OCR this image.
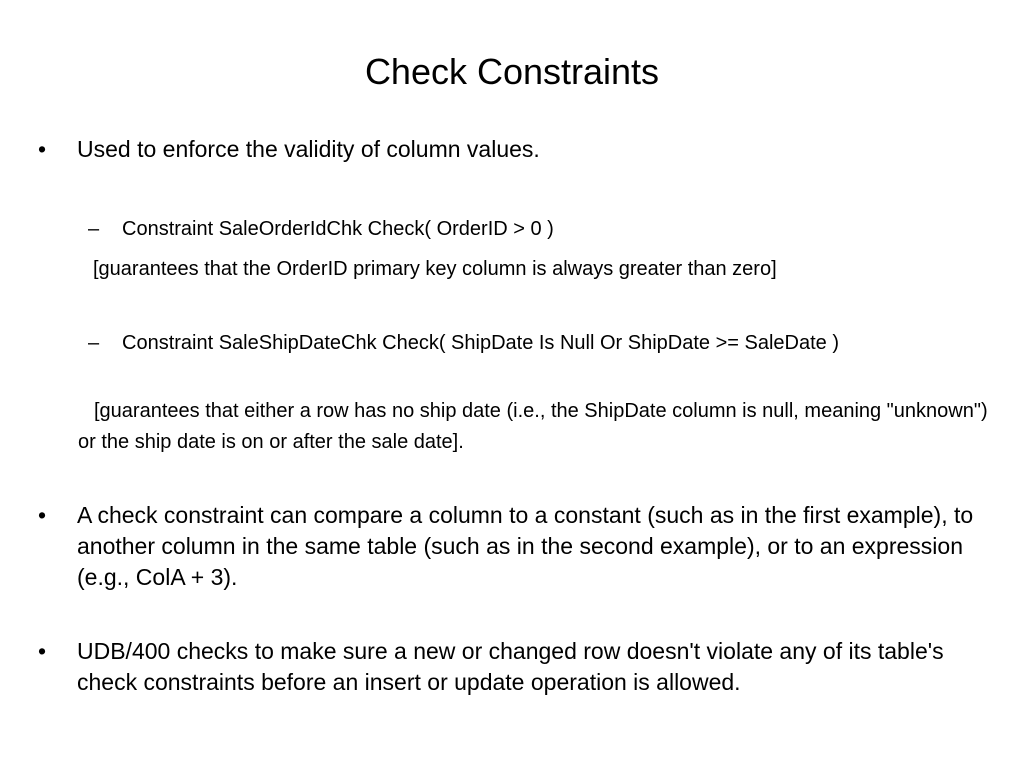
Check Constraints
•	Used to enforce the validity of column values.
–	Constraint SaleOrderIdChk Check( OrderID > 0 )
[guarantees that the OrderID primary key column is always greater than zero]
–	Constraint SaleShipDateChk Check( ShipDate Is Null Or ShipDate >= SaleDate )
[guarantees that either a row has no ship date (i.e., the ShipDate column is null, meaning "unknown") or the ship date is on or after the sale date].
•	A check constraint can compare a column to a constant (such as in the first example), to another column in the same table (such as in the second example), or to an expression (e.g., ColA + 3).
•	UDB/400 checks to make sure a new or changed row doesn't violate any of its table's check constraints before an insert or update operation is allowed.
